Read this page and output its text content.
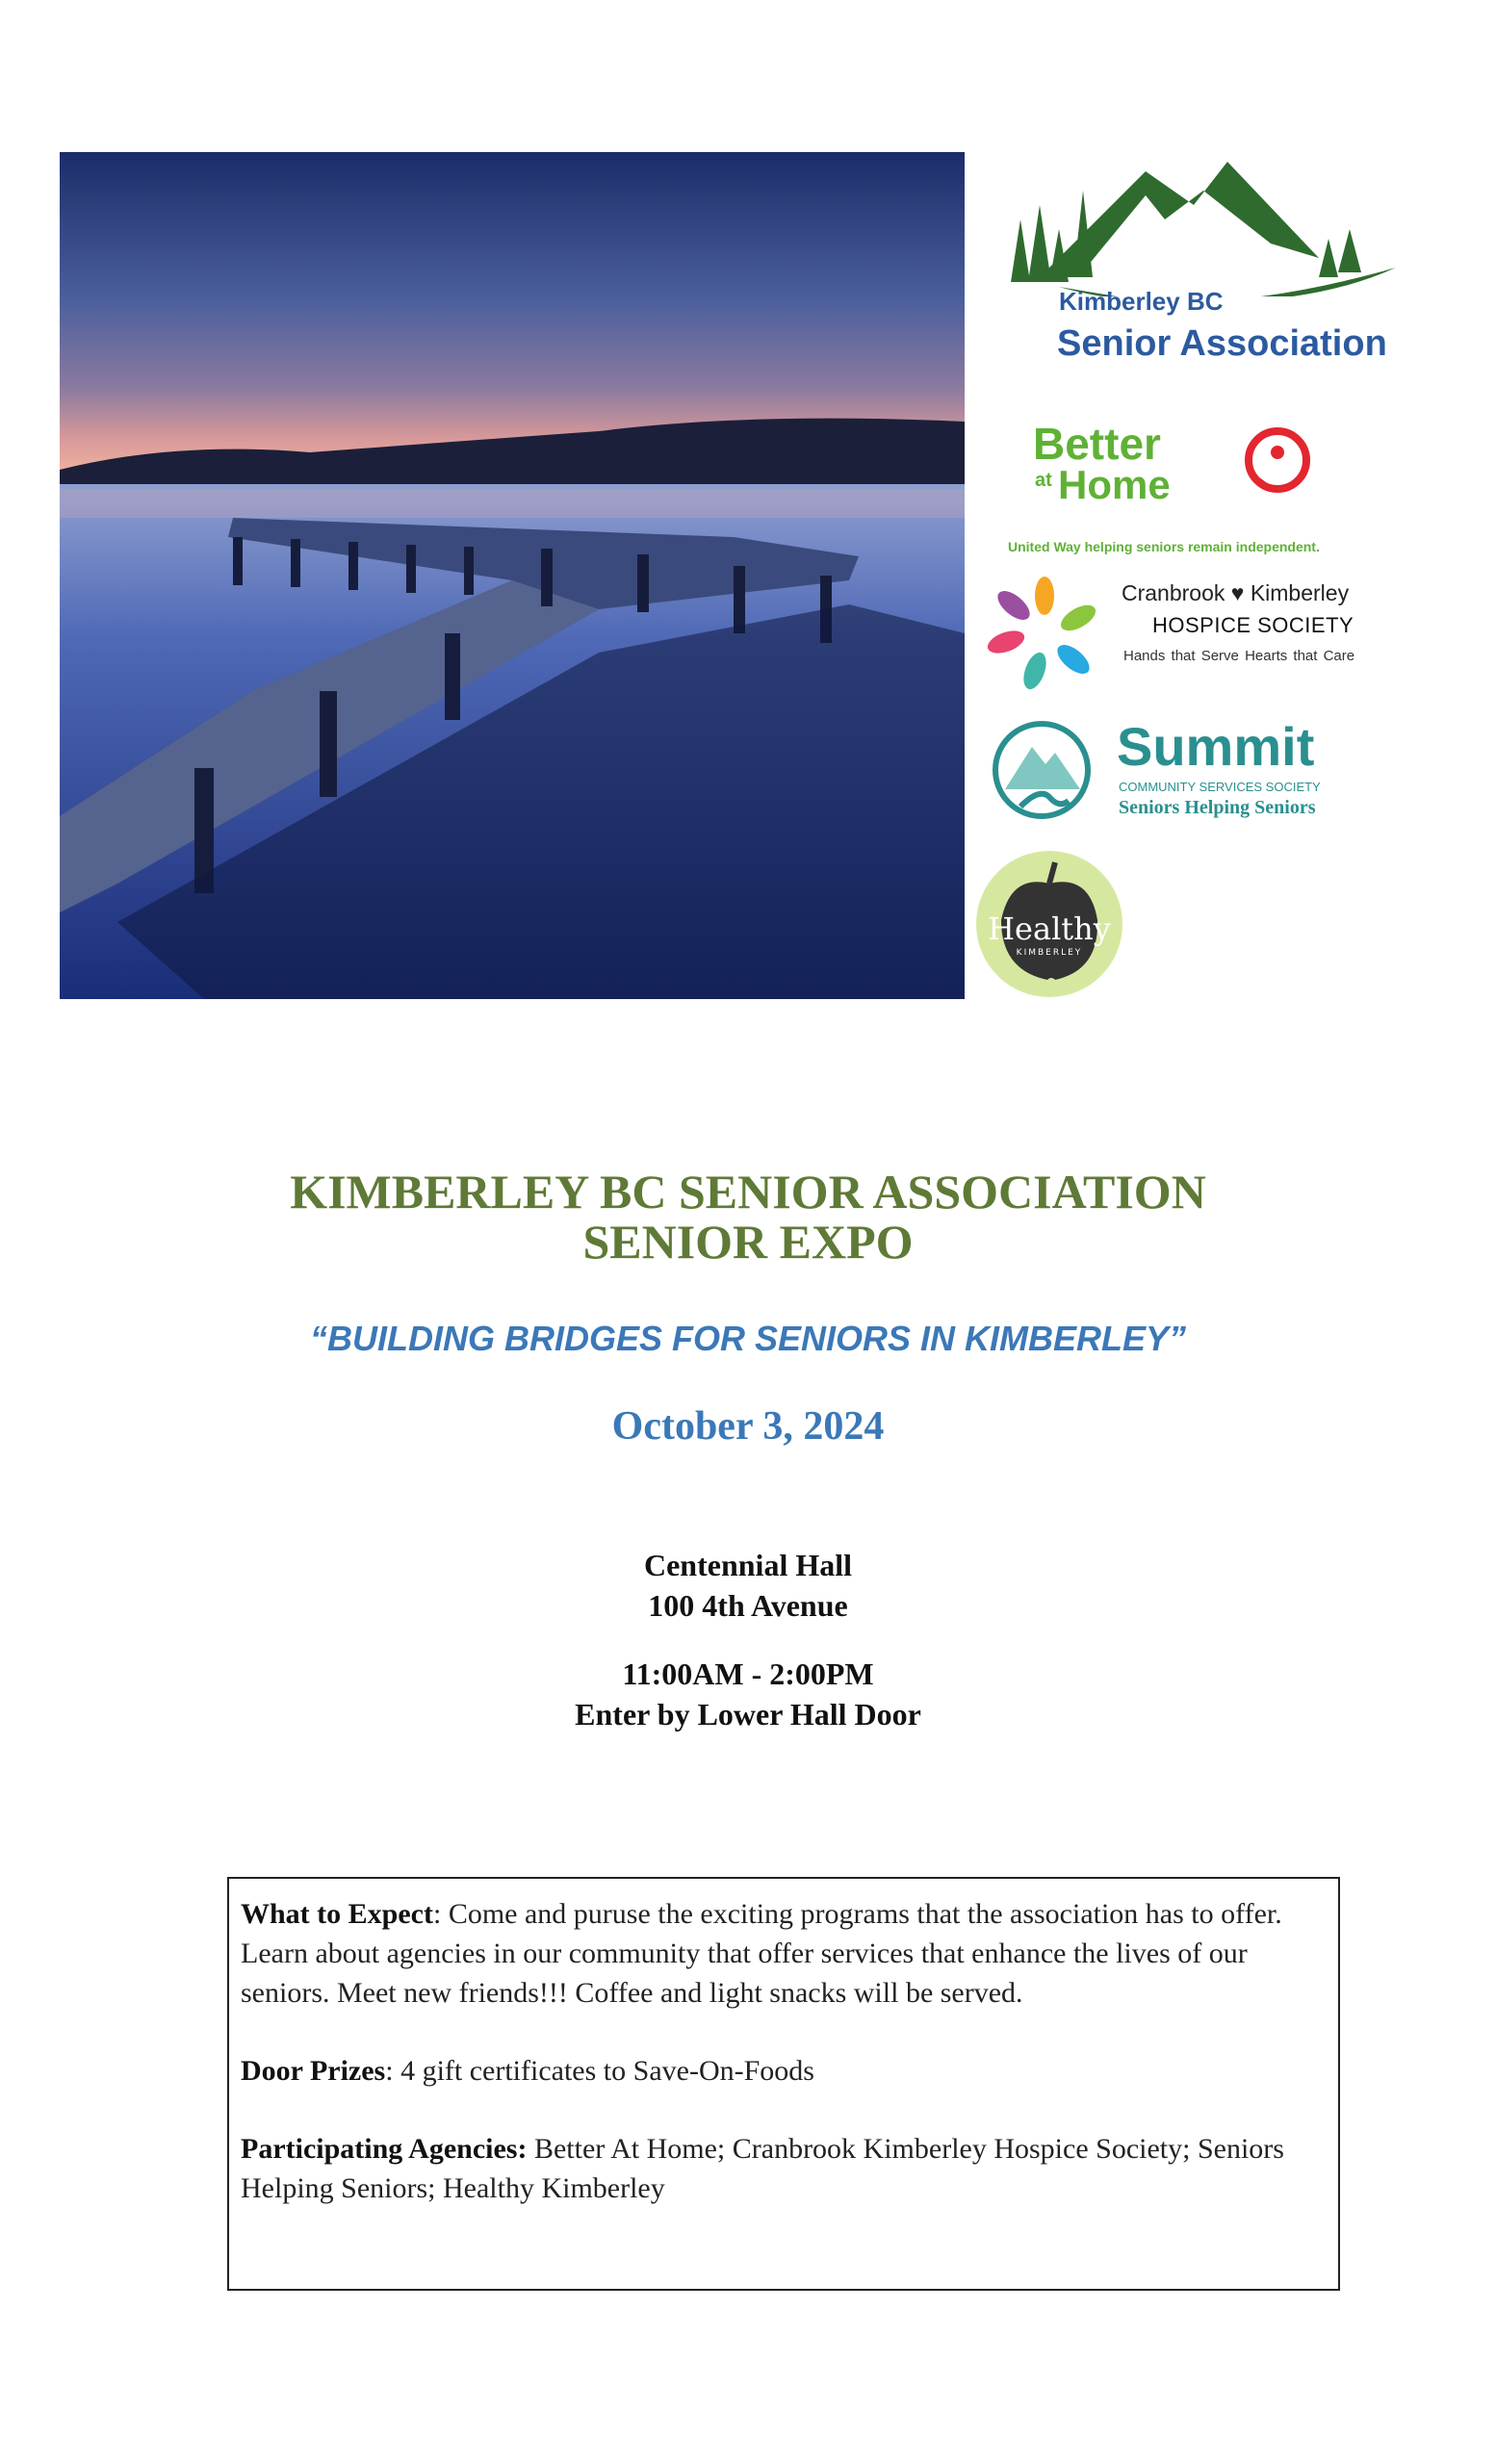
Kimberley BC
Senior Association
Better
at Home
United Way helping seniors remain independent.
Cranbrook ♥ Kimberley
HOSPICE SOCIETY
Hands that Serve Hearts that Care
Summit
COMMUNITY SERVICES SOCIETY
Seniors Helping Seniors
Healthy
KIMBERLEY
KIMBERLEY BC SENIOR ASSOCIATION
SENIOR EXPO
“BUILDING BRIDGES FOR SENIORS IN KIMBERLEY”
October 3, 2024
Centennial Hall
100 4th Avenue
11:00AM - 2:00PM
Enter by Lower Hall Door

What to Expect: Come and puruse the exciting programs that the association has to offer. Learn about agencies in our community that offer services that enhance the lives of our seniors. Meet new friends!!! Coffee and light snacks will be served.

Door Prizes: 4 gift certificates to Save-On-Foods

Participating Agencies: Better At Home; Cranbrook Kimberley Hospice Society; Seniors Helping Seniors; Healthy Kimberley
